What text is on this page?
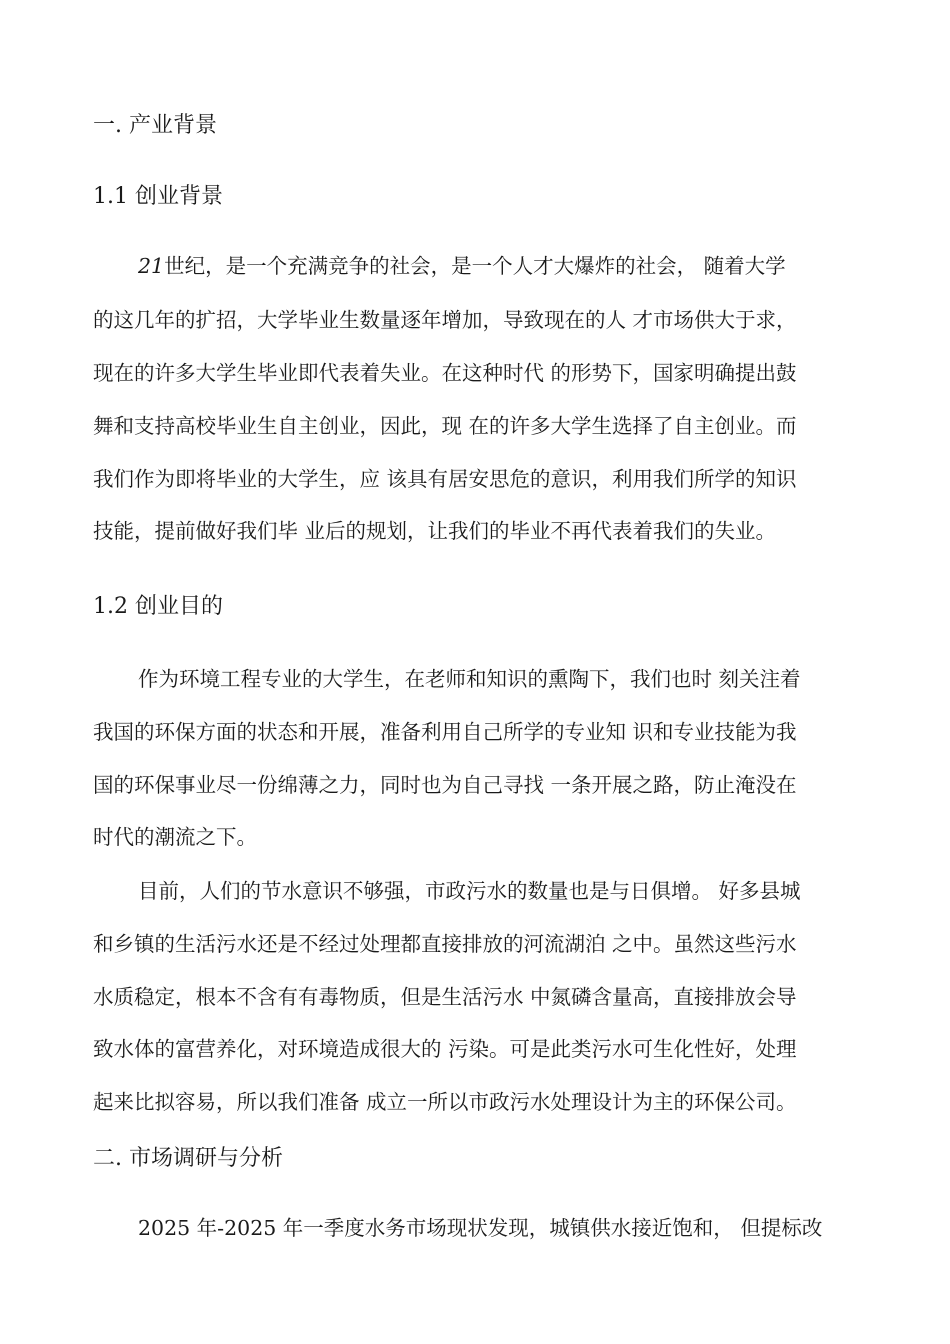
一. 产业背景
1.1 创业背景
21世纪，是一个充满竞争的社会，是一个人才大爆炸的社会， 随着大学
的这几年的扩招，大学毕业生数量逐年增加，导致现在的人 才市场供大于求，
现在的许多大学生毕业即代表着失业。在这种时代 的形势下，国家明确提出鼓
舞和支持高校毕业生自主创业，因此，现 在的许多大学生选择了自主创业。而
我们作为即将毕业的大学生，应 该具有居安思危的意识，利用我们所学的知识
技能，提前做好我们毕 业后的规划，让我们的毕业不再代表着我们的失业。
1.2 创业目的
作为环境工程专业的大学生，在老师和知识的熏陶下，我们也时 刻关注着
我国的环保方面的状态和开展，准备利用自己所学的专业知 识和专业技能为我
国的环保事业尽一份绵薄之力，同时也为自己寻找 一条开展之路，防止淹没在
时代的潮流之下。
目前，人们的节水意识不够强，市政污水的数量也是与日俱增。 好多县城
和乡镇的生活污水还是不经过处理都直接排放的河流湖泊 之中。虽然这些污水
水质稳定，根本不含有有毒物质，但是生活污水 中氮磷含量高，直接排放会导
致水体的富营养化，对环境造成很大的 污染。可是此类污水可生化性好，处理
起来比拟容易，所以我们准备 成立一所以市政污水处理设计为主的环保公司。
二. 市场调研与分析
2025 年-2025 年一季度水务市场现状发现，城镇供水接近饱和， 但提标改
